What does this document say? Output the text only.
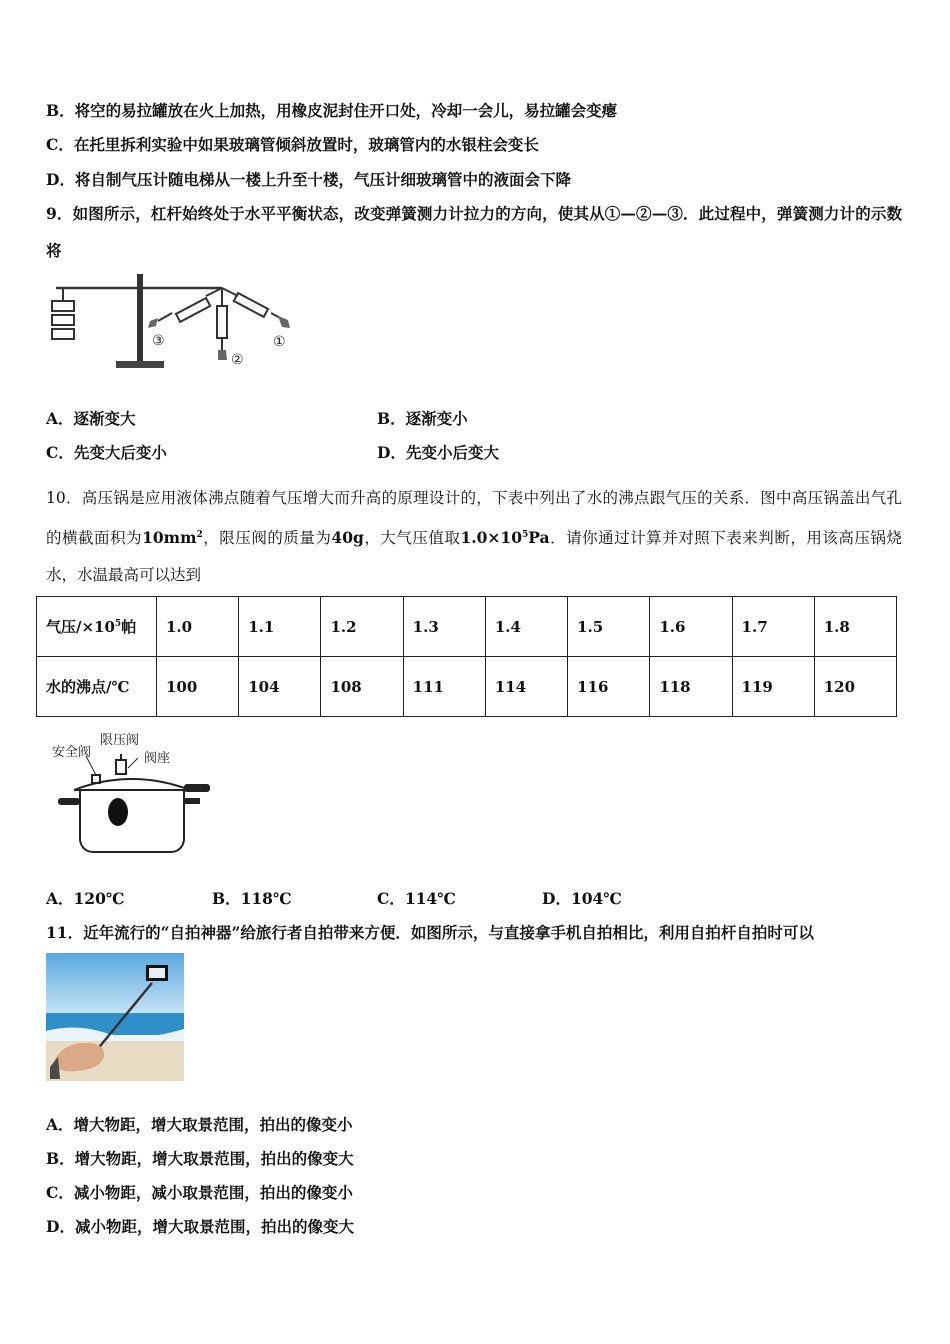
B．将空的易拉罐放在火上加热，用橡皮泥封住开口处，冷却一会儿，易拉罐会变瘪
C．在托里拆利实验中如果玻璃管倾斜放置时，玻璃管内的水银柱会变长
D．将自制气压计随电梯从一楼上升至十楼，气压计细玻璃管中的液面会下降
9．如图所示，杠杆始终处于水平平衡状态，改变弹簧测力计拉力的方向，使其从①—②—③．此过程中，弹簧测力计的示数将
①
②
③
A．逐渐变大	B．逐渐变小
C．先变大后变小	D．先变小后变大
10．高压锅是应用液体沸点随着气压增大而升高的原理设计的，下表中列出了水的沸点跟气压的关系．图中高压锅盖出气孔的横截面积为$10mm^2$，限压阀的质量为40g，大气压值取$1.0\times 10^5Pa$．请你通过计算并对照下表来判断，用该高压锅烧水，水温最高可以达到
气压$/\times 10^5$帕	1.0	1.1	1.2	1.3	1.4	1.5	1.6	1.7	1.8
水的沸点/℃	100	104	108	111	114	116	118	119	120
安全阀
限压阀
阀座
A．120℃	B．118℃	C．114℃	D．104℃
11．近年流行的“自拍神器”给旅行者自拍带来方便．如图所示，与直接拿手机自拍相比，利用自拍杆自拍时可以
A．增大物距，增大取景范围，拍出的像变小
B．增大物距，增大取景范围，拍出的像变大
C．减小物距，减小取景范围，拍出的像变小
D．减小物距，增大取景范围，拍出的像变大
